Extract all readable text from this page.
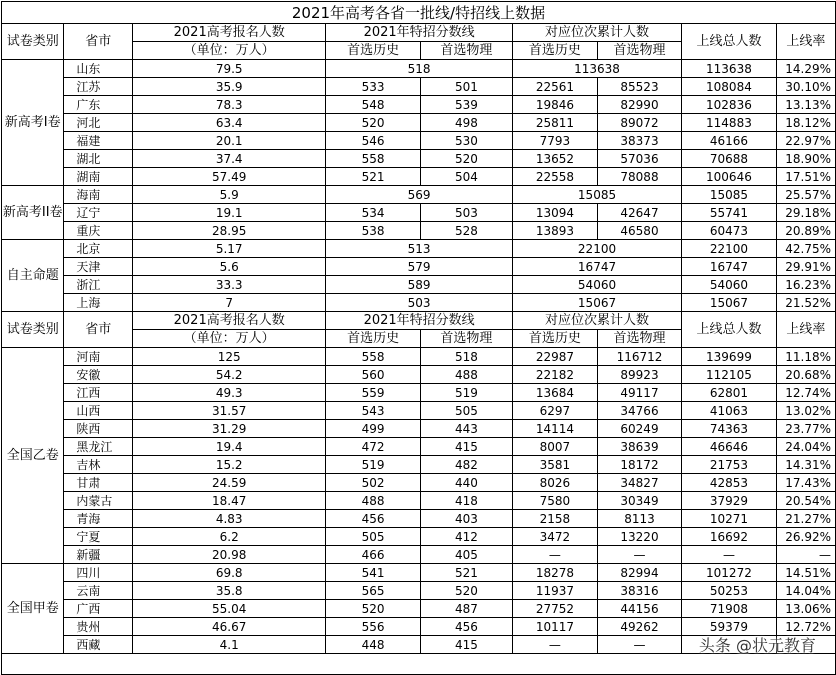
2021年高考各省一批线/特招线上数据								
试卷类别	省市	2021高考报名人数	2021年特招分数线		对应位次累计人数		上线总人数	上线率
		（单位：万人）	首选历史	首选物理	首选历史	首选物理		
新高考I卷	山东	79.5	518		113638		113638	14.29%
	江苏	35.9	533	501	22561	85523	108084	30.10%
	广东	78.3	548	539	19846	82990	102836	13.13%
	河北	63.4	520	498	25811	89072	114883	18.12%
	福建	20.1	546	530	7793	38373	46166	22.97%
	湖北	37.4	558	520	13652	57036	70688	18.90%
	湖南	57.49	521	504	22558	78088	100646	17.51%
新高考II卷	海南	5.9	569		15085		15085	25.57%
	辽宁	19.1	534	503	13094	42647	55741	29.18%
	重庆	28.95	538	528	13893	46580	60473	20.89%
自主命题	北京	5.17	513		22100		22100	42.75%
	天津	5.6	579		16747		16747	29.91%
	浙江	33.3	589		54060		54060	16.23%
	上海	7	503		15067		15067	21.52%
试卷类别	省市	2021高考报名人数	2021年特招分数线		对应位次累计人数		上线总人数	上线率
		（单位：万人）	首选历史	首选物理	首选历史	首选物理		
全国乙卷	河南	125	558	518	22987	116712	139699	11.18%
	安徽	54.2	560	488	22182	89923	112105	20.68%
	江西	49.3	559	519	13684	49117	62801	12.74%
	山西	31.57	543	505	6297	34766	41063	13.02%
	陕西	31.29	499	443	14114	60249	74363	23.77%
	黑龙江	19.4	472	415	8007	38639	46646	24.04%
	吉林	15.2	519	482	3581	18172	21753	14.31%
	甘肃	24.59	502	440	8026	34827	42853	17.43%
	内蒙古	18.47	488	418	7580	30349	37929	20.54%
	青海	4.83	456	403	2158	8113	10271	21.27%
	宁夏	6.2	505	412	3472	13220	16692	26.92%
	新疆	20.98	466	405	—	—	—	—
全国甲卷	四川	69.8	541	521	18278	82994	101272	14.51%
	云南	35.8	565	520	11937	38316	50253	14.04%
	广西	55.04	520	487	27752	44156	71908	13.06%
	贵州	46.67	556	456	10117	49262	59379	12.72%
	西藏	4.1	448	415	—	—			头条 @状元教育
